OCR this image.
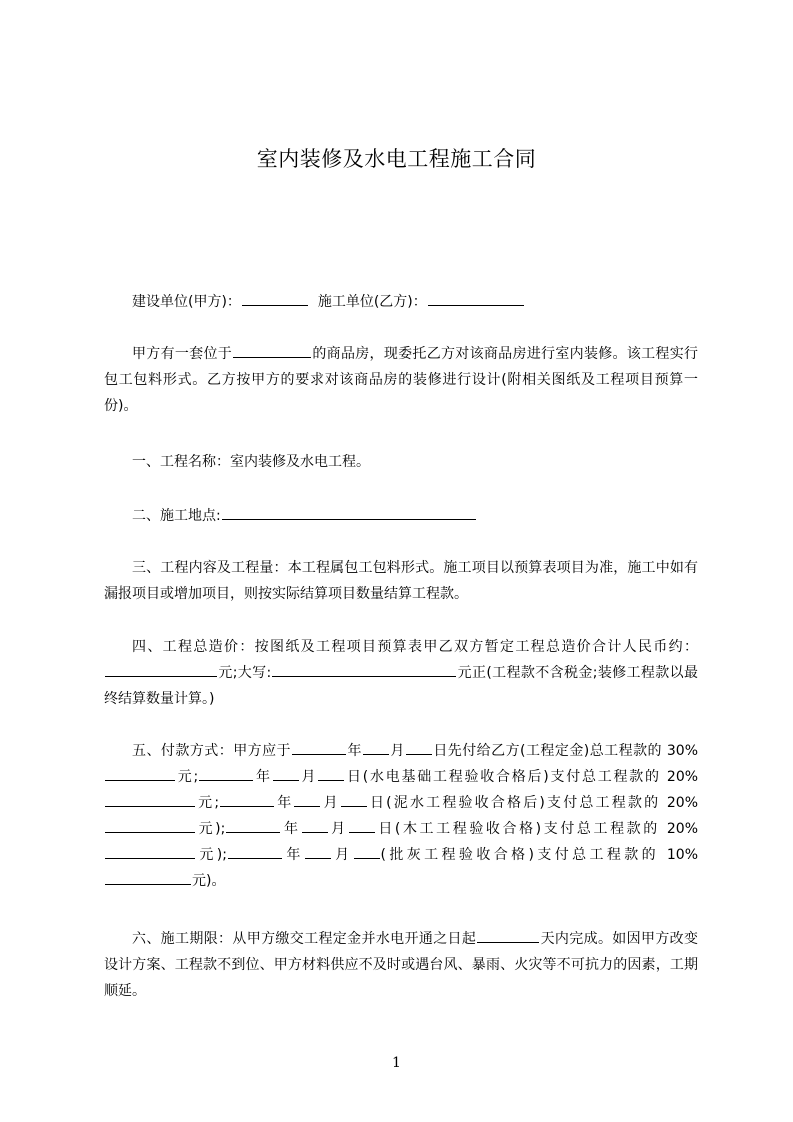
室内装修及水电工程施工合同
建设单位(甲方)：	施工单位(乙方)：
甲方有一套位于	的商品房，现委托乙方对该商品房进行室内装修。该工程实行包工包料形式。乙方按甲方的要求对该商品房的装修进行设计(附相关图纸及工程项目预算一份)。
一、工程名称：室内装修及水电工程。
二、施工地点:
三、工程内容及工程量：本工程属包工包料形式。施工项目以预算表项目为准，施工中如有漏报项目或增加项目，则按实际结算项目数量结算工程款。
四、工程总造价：按图纸及工程项目预算表甲乙双方暂定工程总造价合计人民币约：元;大写:	元正(工程款不含税金;装修工程款以最终结算数量计算。)
五、付款方式：甲方应于	年 月 日先付给乙方(工程定金)总工程款的 30%元;	年 月 日(水电基础工程验收合格后)支付总工程款的 20%元;	年 月 日(泥水工程验收合格后)支付总工程款的 20%元);	年 月 日(木工工程验收合格)支付总工程款的 20%元);	年 月 (批灰工程验收合格)支付总工程款的 10%元)。
六、施工期限：从甲方缴交工程定金并水电开通之日起	天内完成。如因甲方改变设计方案、工程款不到位、甲方材料供应不及时或遇台风、暴雨、火灾等不可抗力的因素，工期顺延。
1
